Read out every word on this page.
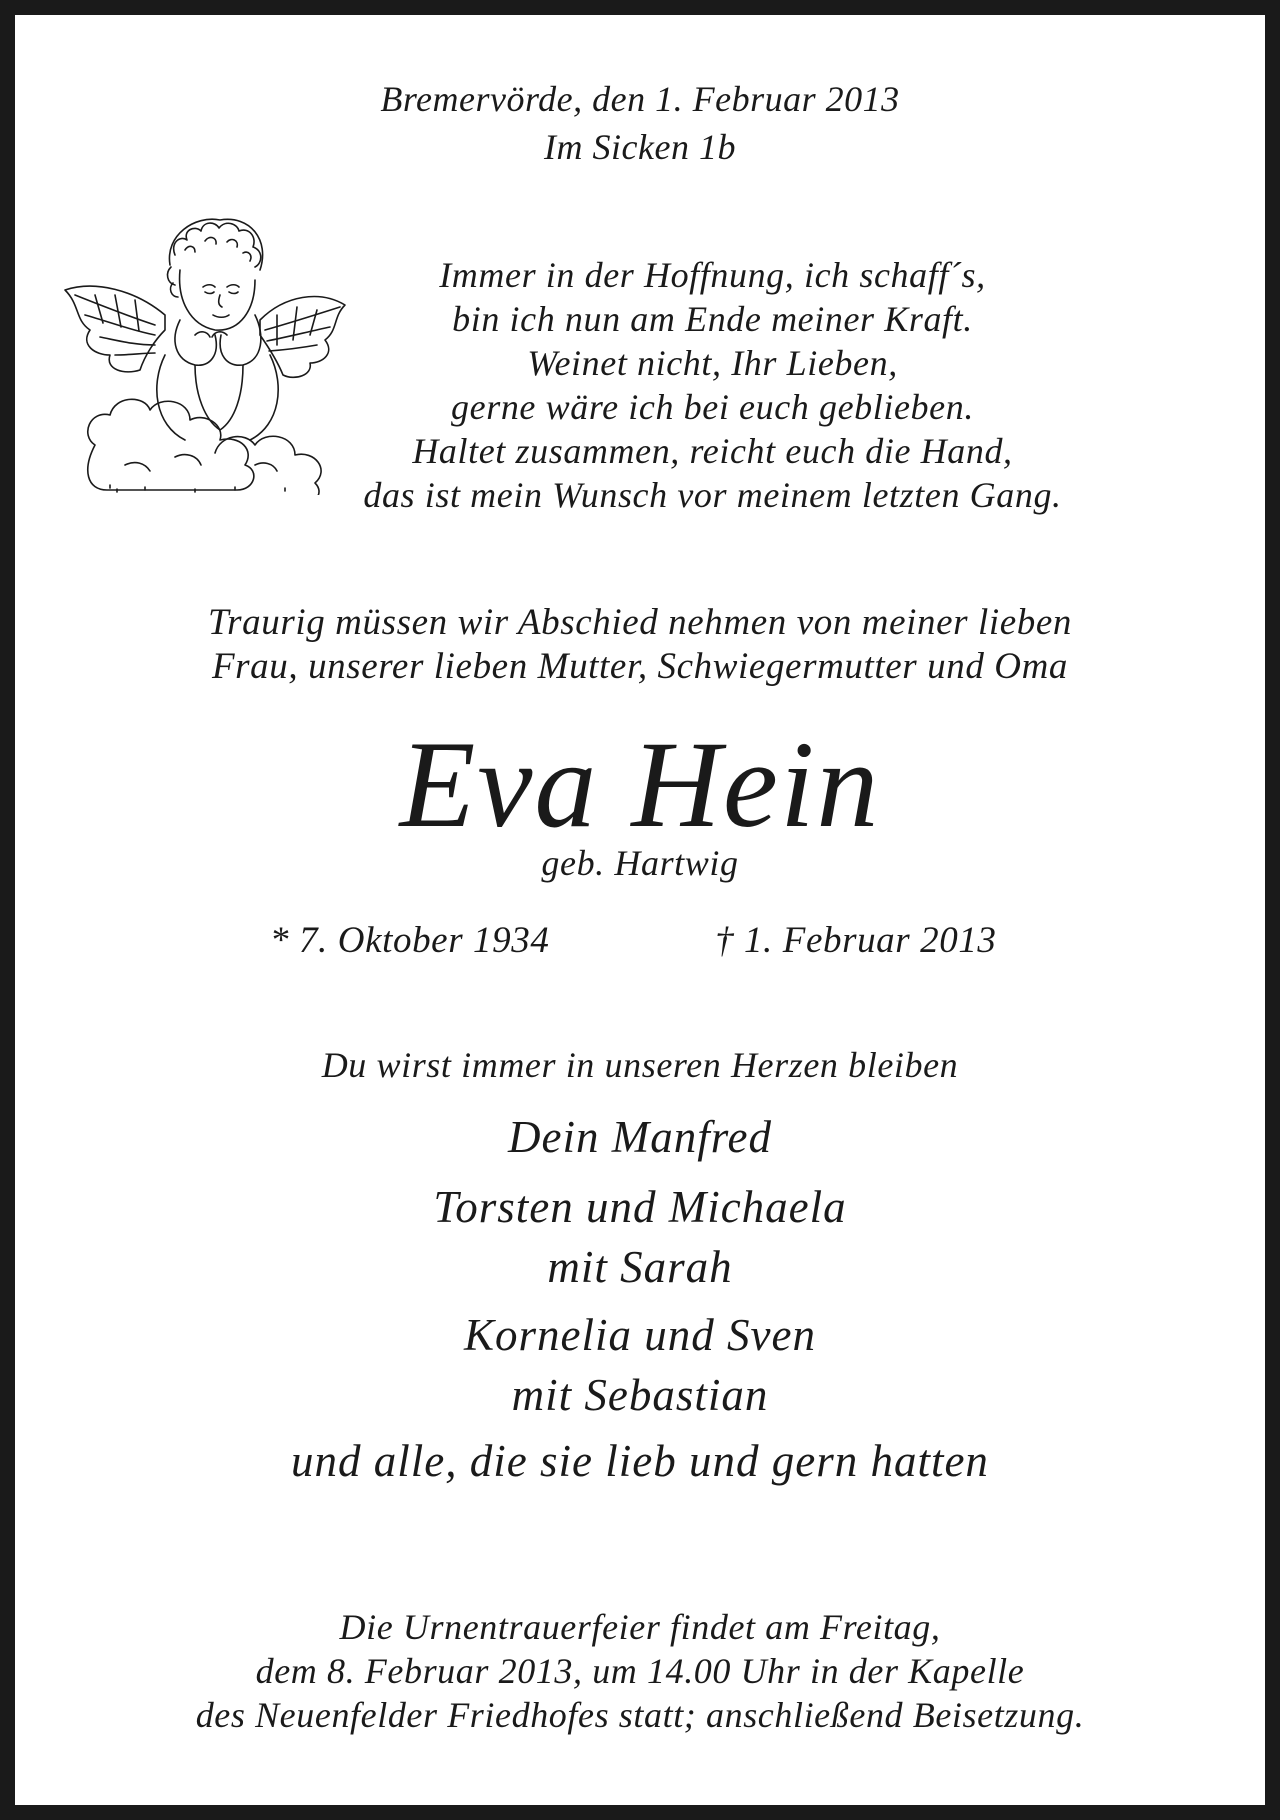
Bremervörde, den 1. Februar 2013
Im Sicken 1b
Immer in der Hoffnung, ich schaff´s,
bin ich nun am Ende meiner Kraft.
Weinet nicht, Ihr Lieben,
gerne wäre ich bei euch geblieben.
Haltet zusammen, reicht euch die Hand,
das ist mein Wunsch vor meinem letzten Gang.
Traurig müssen wir Abschied nehmen von meiner lieben
Frau, unserer lieben Mutter, Schwiegermutter und Oma
Eva Hein
geb. Hartwig
* 7. Oktober 1934	† 1. Februar 2013
Du wirst immer in unseren Herzen bleiben
Dein Manfred
Torsten und Michaela
mit Sarah
Kornelia und Sven
mit Sebastian
und alle, die sie lieb und gern hatten
Die Urnentrauerfeier findet am Freitag,
dem 8. Februar 2013, um 14.00 Uhr in der Kapelle
des Neuenfelder Friedhofes statt; anschließend Beisetzung.
